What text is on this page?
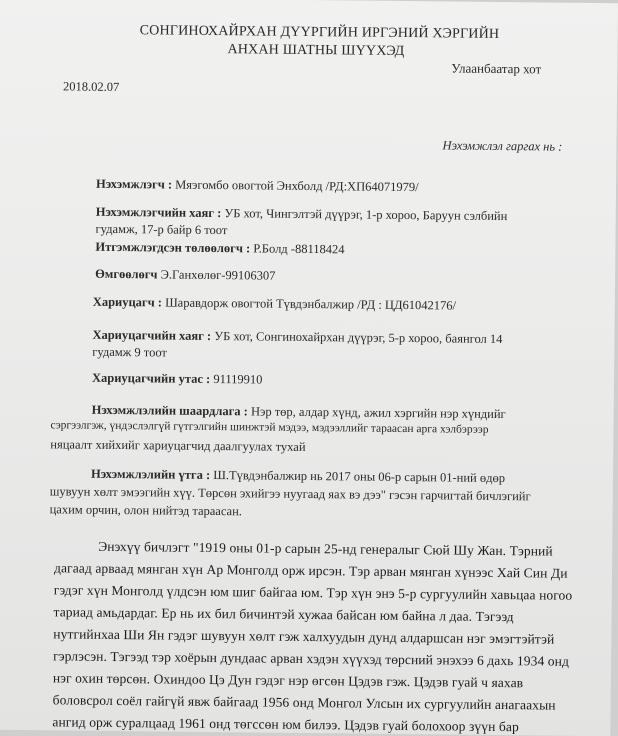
СОНГИНОХАЙРХАН ДҮҮРГИЙН ИРГЭНИЙ ХЭРГИЙН
АНХАН ШАТНЫ ШҮҮХЭД
Улаанбаатар хот
2018.02.07
Нэхэмжлэл гаргах нь :
Нэхэмжлэгч : Мяэгомбо овогтой Энхболд /РД:ХП64071979/
Нэхэмжлэгчийн хаяг : УБ хот, Чингэлтэй дүүрэг, 1-р хороо, Баруун сэлбийн
гудамж, 17-р байр 6 тоот
Итгэмжлэгдсэн төлөөлөгч : Р.Болд -88118424
Өмгөөлөгч Э.Ганхөлөг-99106307
Хариуцагч : Шаравдорж овогтой Түвдэнбалжир /РД : ЦД61042176/
Хариуцагчийн хаяг : УБ хот, Сонгинохайрхан дүүрэг, 5-р хороо, баянгол 14
гудамж 9 тоот
Хариуцагчийн утас : 91119910
Нэхэмжлэлийн шаардлага : Нэр төр, алдар хүнд, ажил хэргийн нэр хүндийг
сэргээлгэж, үндэслэлгүй гүтгэлгийн шинжтэй мэдээ, мэдээллийг тараасан арга хэлбэрээр
няцаалт хийхийг хариуцагчид даалгуулах тухай
Нэхэмжлэлийн үтга : Ш.Түвдэнбалжир нь 2017 оны 06-р сарын 01-ний өдөр
шувуун хөлт эмээгийн хүү. Төрсөн эхийгээ нуугаад яах вэ дээ" гэсэн гарчигтай бичлэгийг
цахим орчин, олон нийтэд тараасан.
Энэхүү бичлэгт "1919 оны 01-р сарын 25-нд генералыг Сюй Шу Жан. Тэрний
дагаад арваад мянган хүн Ар Монголд орж ирсэн. Тэр арван мянган хүнээс Хай Син Ди
гэдэг хүн Монголд үлдсэн юм шиг байгаа юм. Тэр хүн энэ 5-р сургуулийн хавьцаа ногоо
тариад амьдардаг. Ер нь их бил бичинтэй хужаа байсан юм байна л даа. Тэгээд
нутгийнхаа Ши Ян гэдэг шувуун хөлт гэж халхуудын дунд алдаршсан нэг эмэгтэйтэй
гэрлэсэн. Тэгээд тэр хоёрын дундаас арван хэдэн хүүхэд төрсний энэхээ 6 дахь 1934 онд
нэг охин төрсөн. Охиндоо Цэ Дун гэдэг нэр өгсөн Цэдэв гэж. Цэдэв гуай ч яахав
боловсрол соёл гайгүй явж байгаад 1956 онд Монгол Улсын их сургуулийн анагаахын
ангид орж суралцаад 1961 онд төгссөн юм билээ. Цэдэв гуай болохоор зүүн бар
